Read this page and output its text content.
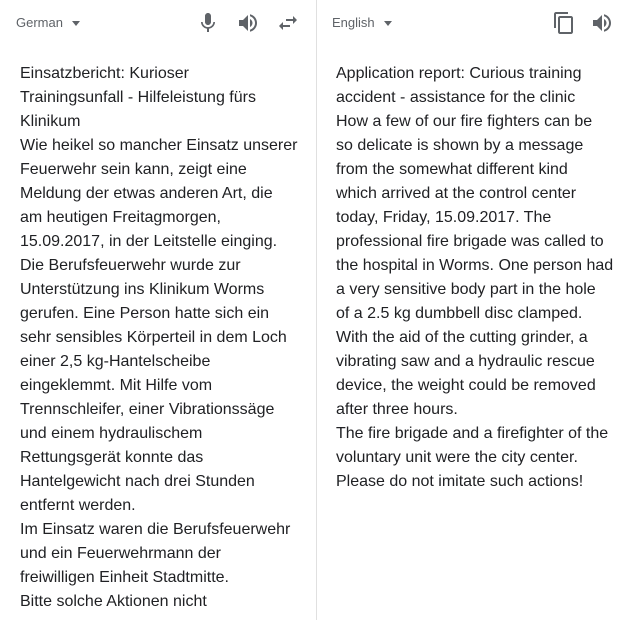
German
Einsatzbericht: Kurioser
Trainingsunfall - Hilfeleistung fürs
Klinikum
Wie heikel so mancher Einsatz unserer
Feuerwehr sein kann, zeigt eine
Meldung der etwas anderen Art, die
am heutigen Freitagmorgen,
15.09.2017, in der Leitstelle einging.
Die Berufsfeuerwehr wurde zur
Unterstützung ins Klinikum Worms
gerufen. Eine Person hatte sich ein
sehr sensibles Körperteil in dem Loch
einer 2,5 kg-Hantelscheibe
eingeklemmt. Mit Hilfe vom
Trennschleifer, einer Vibrationssäge
und einem hydraulischem
Rettungsgerät konnte das
Hantelgewicht nach drei Stunden
entfernt werden.
Im Einsatz waren die Berufsfeuerwehr
und ein Feuerwehrmann der
freiwilligen Einheit Stadtmitte.
Bitte solche Aktionen nicht
English
Application report: Curious training
accident - assistance for the clinic
How a few of our fire fighters can be
so delicate is shown by a message
from the somewhat different kind
which arrived at the control center
today, Friday, 15.09.2017. The
professional fire brigade was called to
the hospital in Worms. One person had
a very sensitive body part in the hole
of a 2.5 kg dumbbell disc clamped.
With the aid of the cutting grinder, a
vibrating saw and a hydraulic rescue
device, the weight could be removed
after three hours.
The fire brigade and a firefighter of the
voluntary unit were the city center.
Please do not imitate such actions!
